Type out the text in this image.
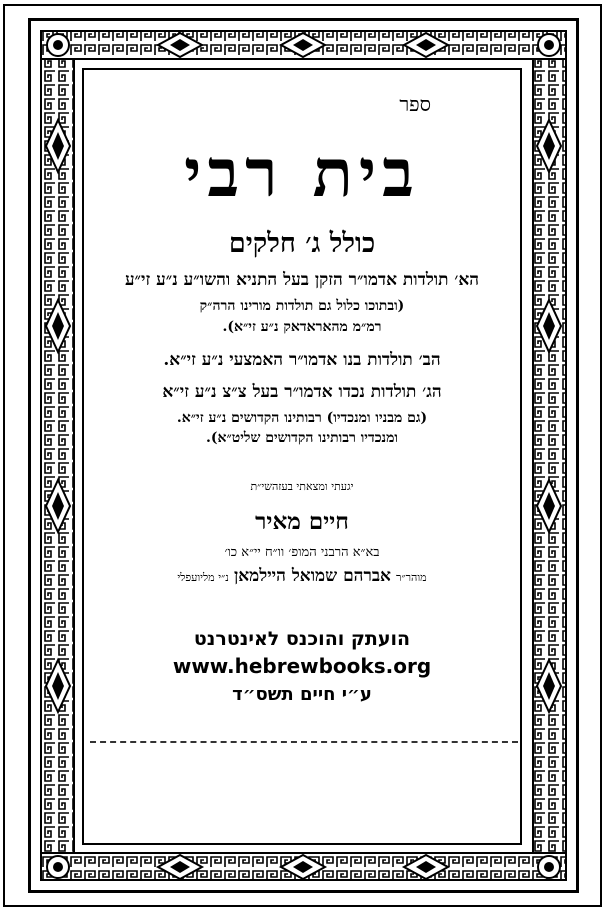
ספר
בית רבי
כולל ג׳ חלקים
הא׳ תולדות אדמו״ר הזקן בעל התניא והשו״ע נ״ע זי״ע
(ובתוכו כלול גם תולדות מורינו הרה״ק
רמ״מ מהאראדאק נ״ע זי״א).
הב׳ תולדות בנו אדמו״ר האמצעי נ״ע זי״א.
הג׳ תולדות נכדו אדמו״ר בעל צ״צ נ״ע זי״א
(גם מבניו ומנכדיו) רבותינו הקדושים נ״ע זי״א.
ומנכדיו רבותינו הקדושים שליט״א).
יגעתי ומצאתי בעזהשי״ת
חיים מאיר
בא״א הרבני המופ׳ וו״ח יי״א כו׳
מוהר״ר אברהם שמואל היילמאן נ״י מליועפלי
הועתק והוכנס לאינטרנט
www.hebrewbooks.org
ע״י חיים תשס״ד
